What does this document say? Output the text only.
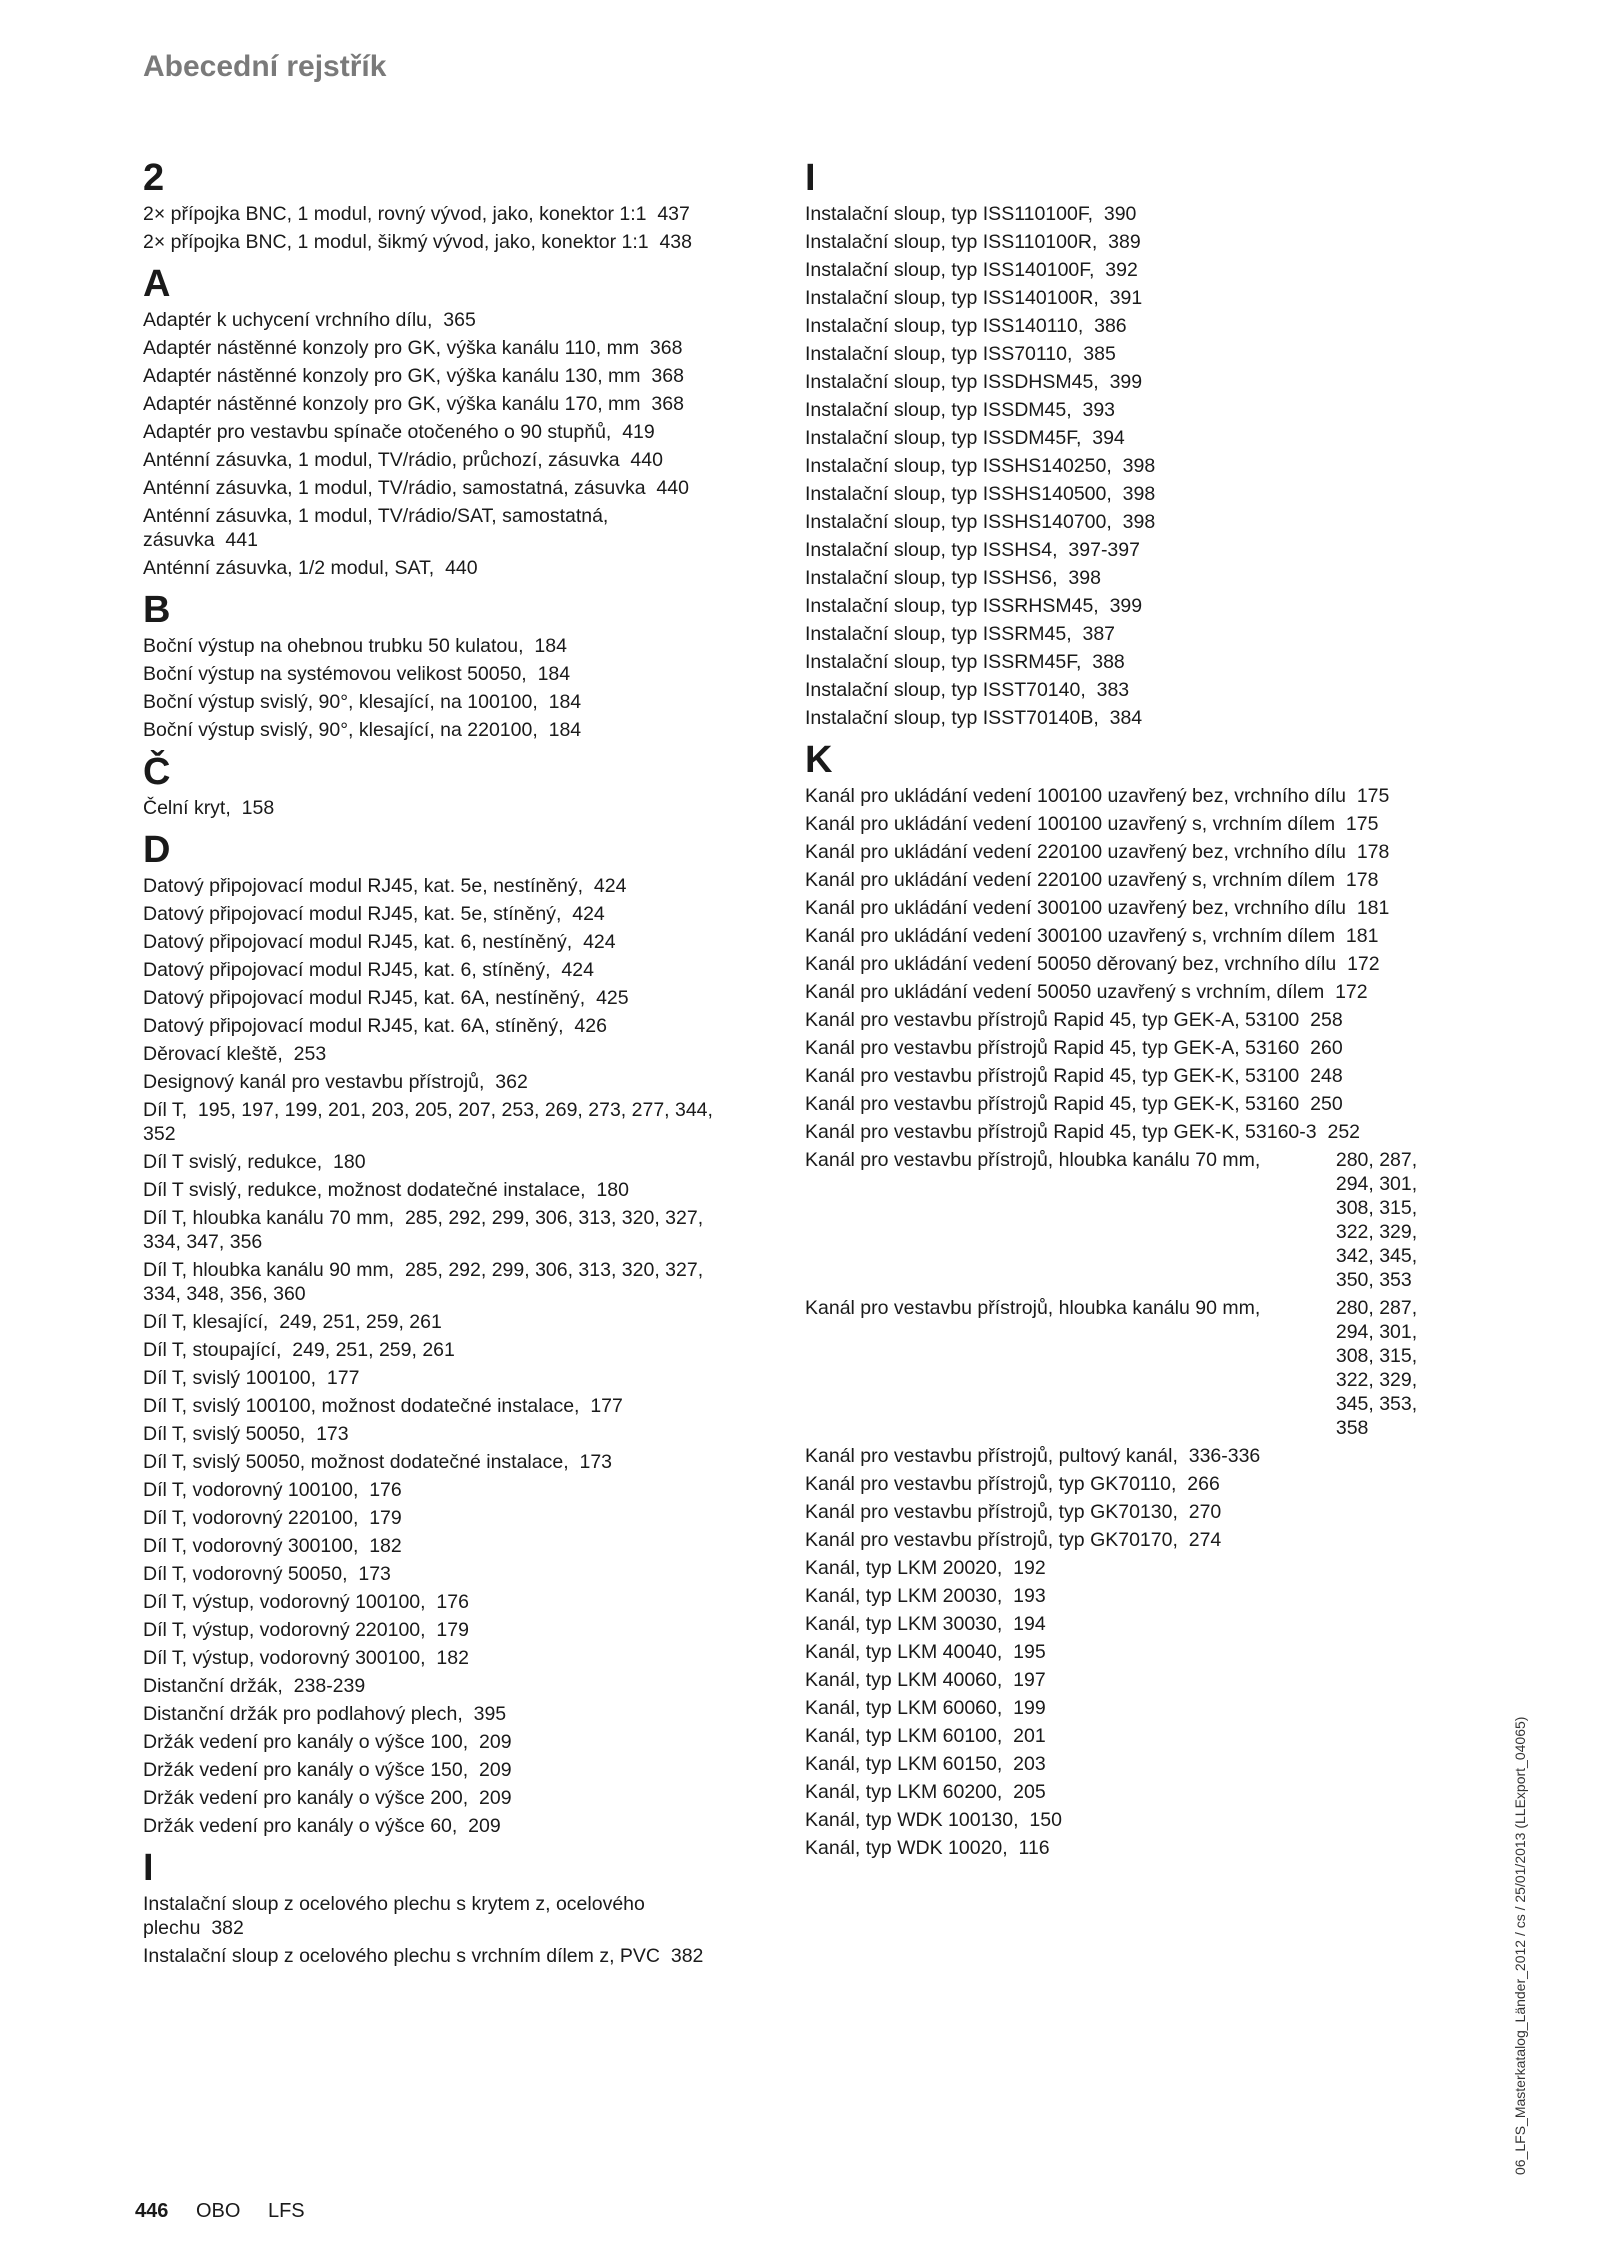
Abecední rejstřík
2
2× přípojka BNC, 1 modul, rovný vývod, jako, konektor 1:1 437
2× přípojka BNC, 1 modul, šikmý vývod, jako, konektor 1:1 438
A
Adaptér k uchycení vrchního dílu, 365
Adaptér nástěnné konzoly pro GK, výška kanálu 110, mm 368
Adaptér nástěnné konzoly pro GK, výška kanálu 130, mm 368
Adaptér nástěnné konzoly pro GK, výška kanálu 170, mm 368
Adaptér pro vestavbu spínače otočeného o 90 stupňů, 419
Anténní zásuvka, 1 modul, TV/rádio, průchozí, zásuvka 440
Anténní zásuvka, 1 modul, TV/rádio, samostatná, zásuvka 440
Anténní zásuvka, 1 modul, TV/rádio/SAT, samostatná, zásuvka 441
Anténní zásuvka, 1/2 modul, SAT, 440
B
Boční výstup na ohebnou trubku 50 kulatou, 184
Boční výstup na systémovou velikost 50050, 184
Boční výstup svislý, 90°, klesající, na 100100, 184
Boční výstup svislý, 90°, klesající, na 220100, 184
Č
Čelní kryt, 158
D
Datový připojovací modul RJ45, kat. 5e, nestíněný, 424
Datový připojovací modul RJ45, kat. 5e, stíněný, 424
Datový připojovací modul RJ45, kat. 6, nestíněný, 424
Datový připojovací modul RJ45, kat. 6, stíněný, 424
Datový připojovací modul RJ45, kat. 6A, nestíněný, 425
Datový připojovací modul RJ45, kat. 6A, stíněný, 426
Děrovací kleště, 253
Designový kanál pro vestavbu přístrojů, 362
Díl T, 195, 197, 199, 201, 203, 205, 207, 253, 269, 273, 277, 344, 352
Díl T svislý, redukce, 180
Díl T svislý, redukce, možnost dodatečné instalace, 180
Díl T, hloubka kanálu 70 mm, 285, 292, 299, 306, 313, 320, 327, 334, 347, 356
Díl T, hloubka kanálu 90 mm, 285, 292, 299, 306, 313, 320, 327, 334, 348, 356, 360
Díl T, klesající, 249, 251, 259, 261
Díl T, stoupající, 249, 251, 259, 261
Díl T, svislý 100100, 177
Díl T, svislý 100100, možnost dodatečné instalace, 177
Díl T, svislý 50050, 173
Díl T, svislý 50050, možnost dodatečné instalace, 173
Díl T, vodorovný 100100, 176
Díl T, vodorovný 220100, 179
Díl T, vodorovný 300100, 182
Díl T, vodorovný 50050, 173
Díl T, výstup, vodorovný 100100, 176
Díl T, výstup, vodorovný 220100, 179
Díl T, výstup, vodorovný 300100, 182
Distanční držák, 238-239
Distanční držák pro podlahový plech, 395
Držák vedení pro kanály o výšce 100, 209
Držák vedení pro kanály o výšce 150, 209
Držák vedení pro kanály o výšce 200, 209
Držák vedení pro kanály o výšce 60, 209
I
Instalační sloup z ocelového plechu s krytem z, ocelového plechu 382
Instalační sloup z ocelového plechu s vrchním dílem z, PVC 382
I
Instalační sloup, typ ISS110100F, 390
Instalační sloup, typ ISS110100R, 389
Instalační sloup, typ ISS140100F, 392
Instalační sloup, typ ISS140100R, 391
Instalační sloup, typ ISS140110, 386
Instalační sloup, typ ISS70110, 385
Instalační sloup, typ ISSDHSM45, 399
Instalační sloup, typ ISSDM45, 393
Instalační sloup, typ ISSDM45F, 394
Instalační sloup, typ ISSHS140250, 398
Instalační sloup, typ ISSHS140500, 398
Instalační sloup, typ ISSHS140700, 398
Instalační sloup, typ ISSHS4, 397-397
Instalační sloup, typ ISSHS6, 398
Instalační sloup, typ ISSRHSM45, 399
Instalační sloup, typ ISSRM45, 387
Instalační sloup, typ ISSRM45F, 388
Instalační sloup, typ ISST70140, 383
Instalační sloup, typ ISST70140B, 384
K
Kanál pro ukládání vedení 100100 uzavřený bez, vrchního dílu 175
Kanál pro ukládání vedení 100100 uzavřený s, vrchním dílem 175
Kanál pro ukládání vedení 220100 uzavřený bez, vrchního dílu 178
Kanál pro ukládání vedení 220100 uzavřený s, vrchním dílem 178
Kanál pro ukládání vedení 300100 uzavřený bez, vrchního dílu 181
Kanál pro ukládání vedení 300100 uzavřený s, vrchním dílem 181
Kanál pro ukládání vedení 50050 děrovaný bez, vrchního dílu 172
Kanál pro ukládání vedení 50050 uzavřený s vrchním, dílem 172
Kanál pro vestavbu přístrojů Rapid 45, typ GEK-A, 53100 258
Kanál pro vestavbu přístrojů Rapid 45, typ GEK-A, 53160 260
Kanál pro vestavbu přístrojů Rapid 45, typ GEK-K, 53100 248
Kanál pro vestavbu přístrojů Rapid 45, typ GEK-K, 53160 250
Kanál pro vestavbu přístrojů Rapid 45, typ GEK-K, 53160-3 252
Kanál pro vestavbu přístrojů, hloubka kanálu 70 mm,
	280, 287, 294, 301, 308, 315, 322, 329, 342, 345, 350, 353
Kanál pro vestavbu přístrojů, hloubka kanálu 90 mm,
	280, 287, 294, 301, 308, 315, 322, 329, 345, 353, 358
Kanál pro vestavbu přístrojů, pultový kanál, 336-336
Kanál pro vestavbu přístrojů, typ GK70110, 266
Kanál pro vestavbu přístrojů, typ GK70130, 270
Kanál pro vestavbu přístrojů, typ GK70170, 274
Kanál, typ LKM 20020, 192
Kanál, typ LKM 20030, 193
Kanál, typ LKM 30030, 194
Kanál, typ LKM 40040, 195
Kanál, typ LKM 40060, 197
Kanál, typ LKM 60060, 199
Kanál, typ LKM 60100, 201
Kanál, typ LKM 60150, 203
Kanál, typ LKM 60200, 205
Kanál, typ WDK 100130, 150
Kanál, typ WDK 10020, 116
446 OBO LFS
06_LFS_Masterkatalog_Länder_2012 / cs / 25/01/2013 (LLExport_04065)
